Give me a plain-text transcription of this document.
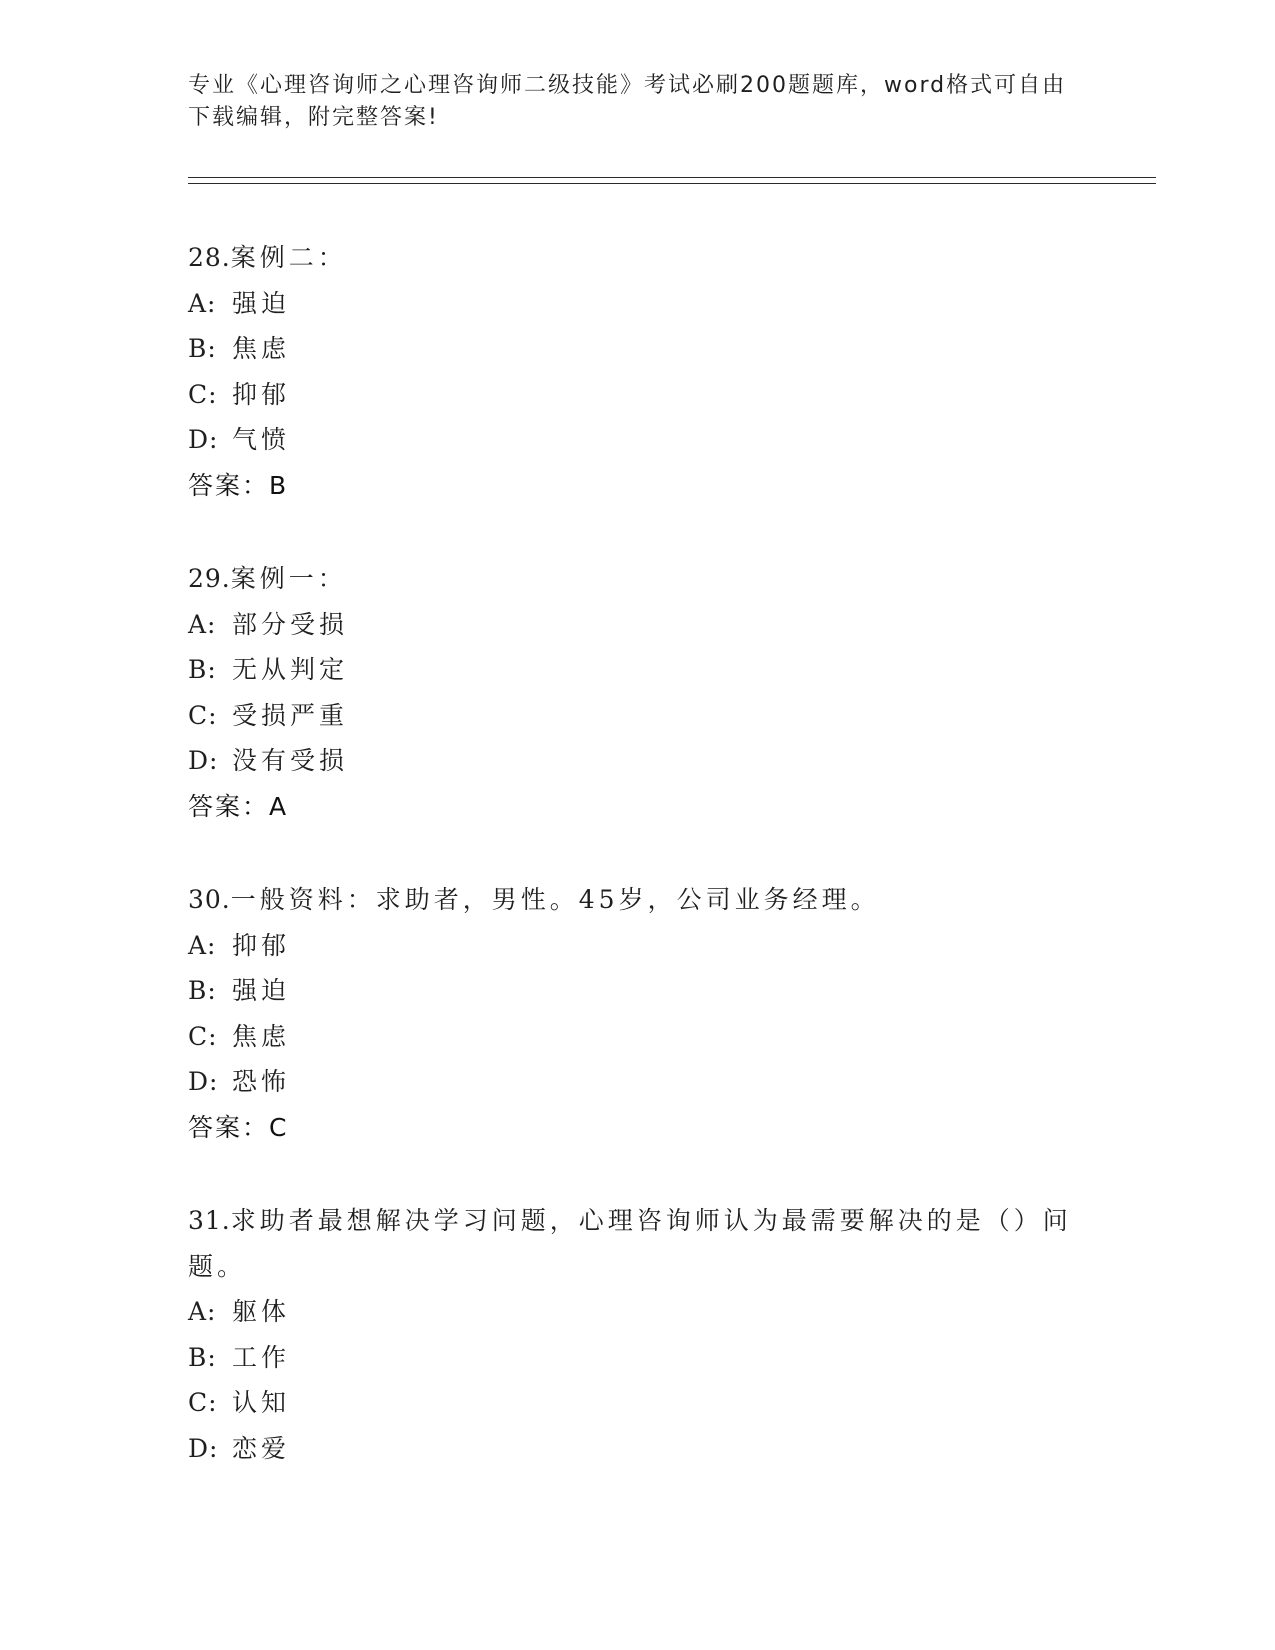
专业《心理咨询师之心理咨询师二级技能》考试必刷200题题库，word格式可自由下载编辑，附完整答案!
28.案例二：
A: 强迫
B: 焦虑
C: 抑郁
D: 气愤
答案：B
29.案例一：
A: 部分受损
B: 无从判定
C: 受损严重
D: 没有受损
答案：A
30.一般资料：求助者，男性。45岁，公司业务经理。
A: 抑郁
B: 强迫
C: 焦虑
D: 恐怖
答案：C
31.求助者最想解决学习问题，心理咨询师认为最需要解决的是（）问题。
A: 躯体
B: 工作
C: 认知
D: 恋爱
